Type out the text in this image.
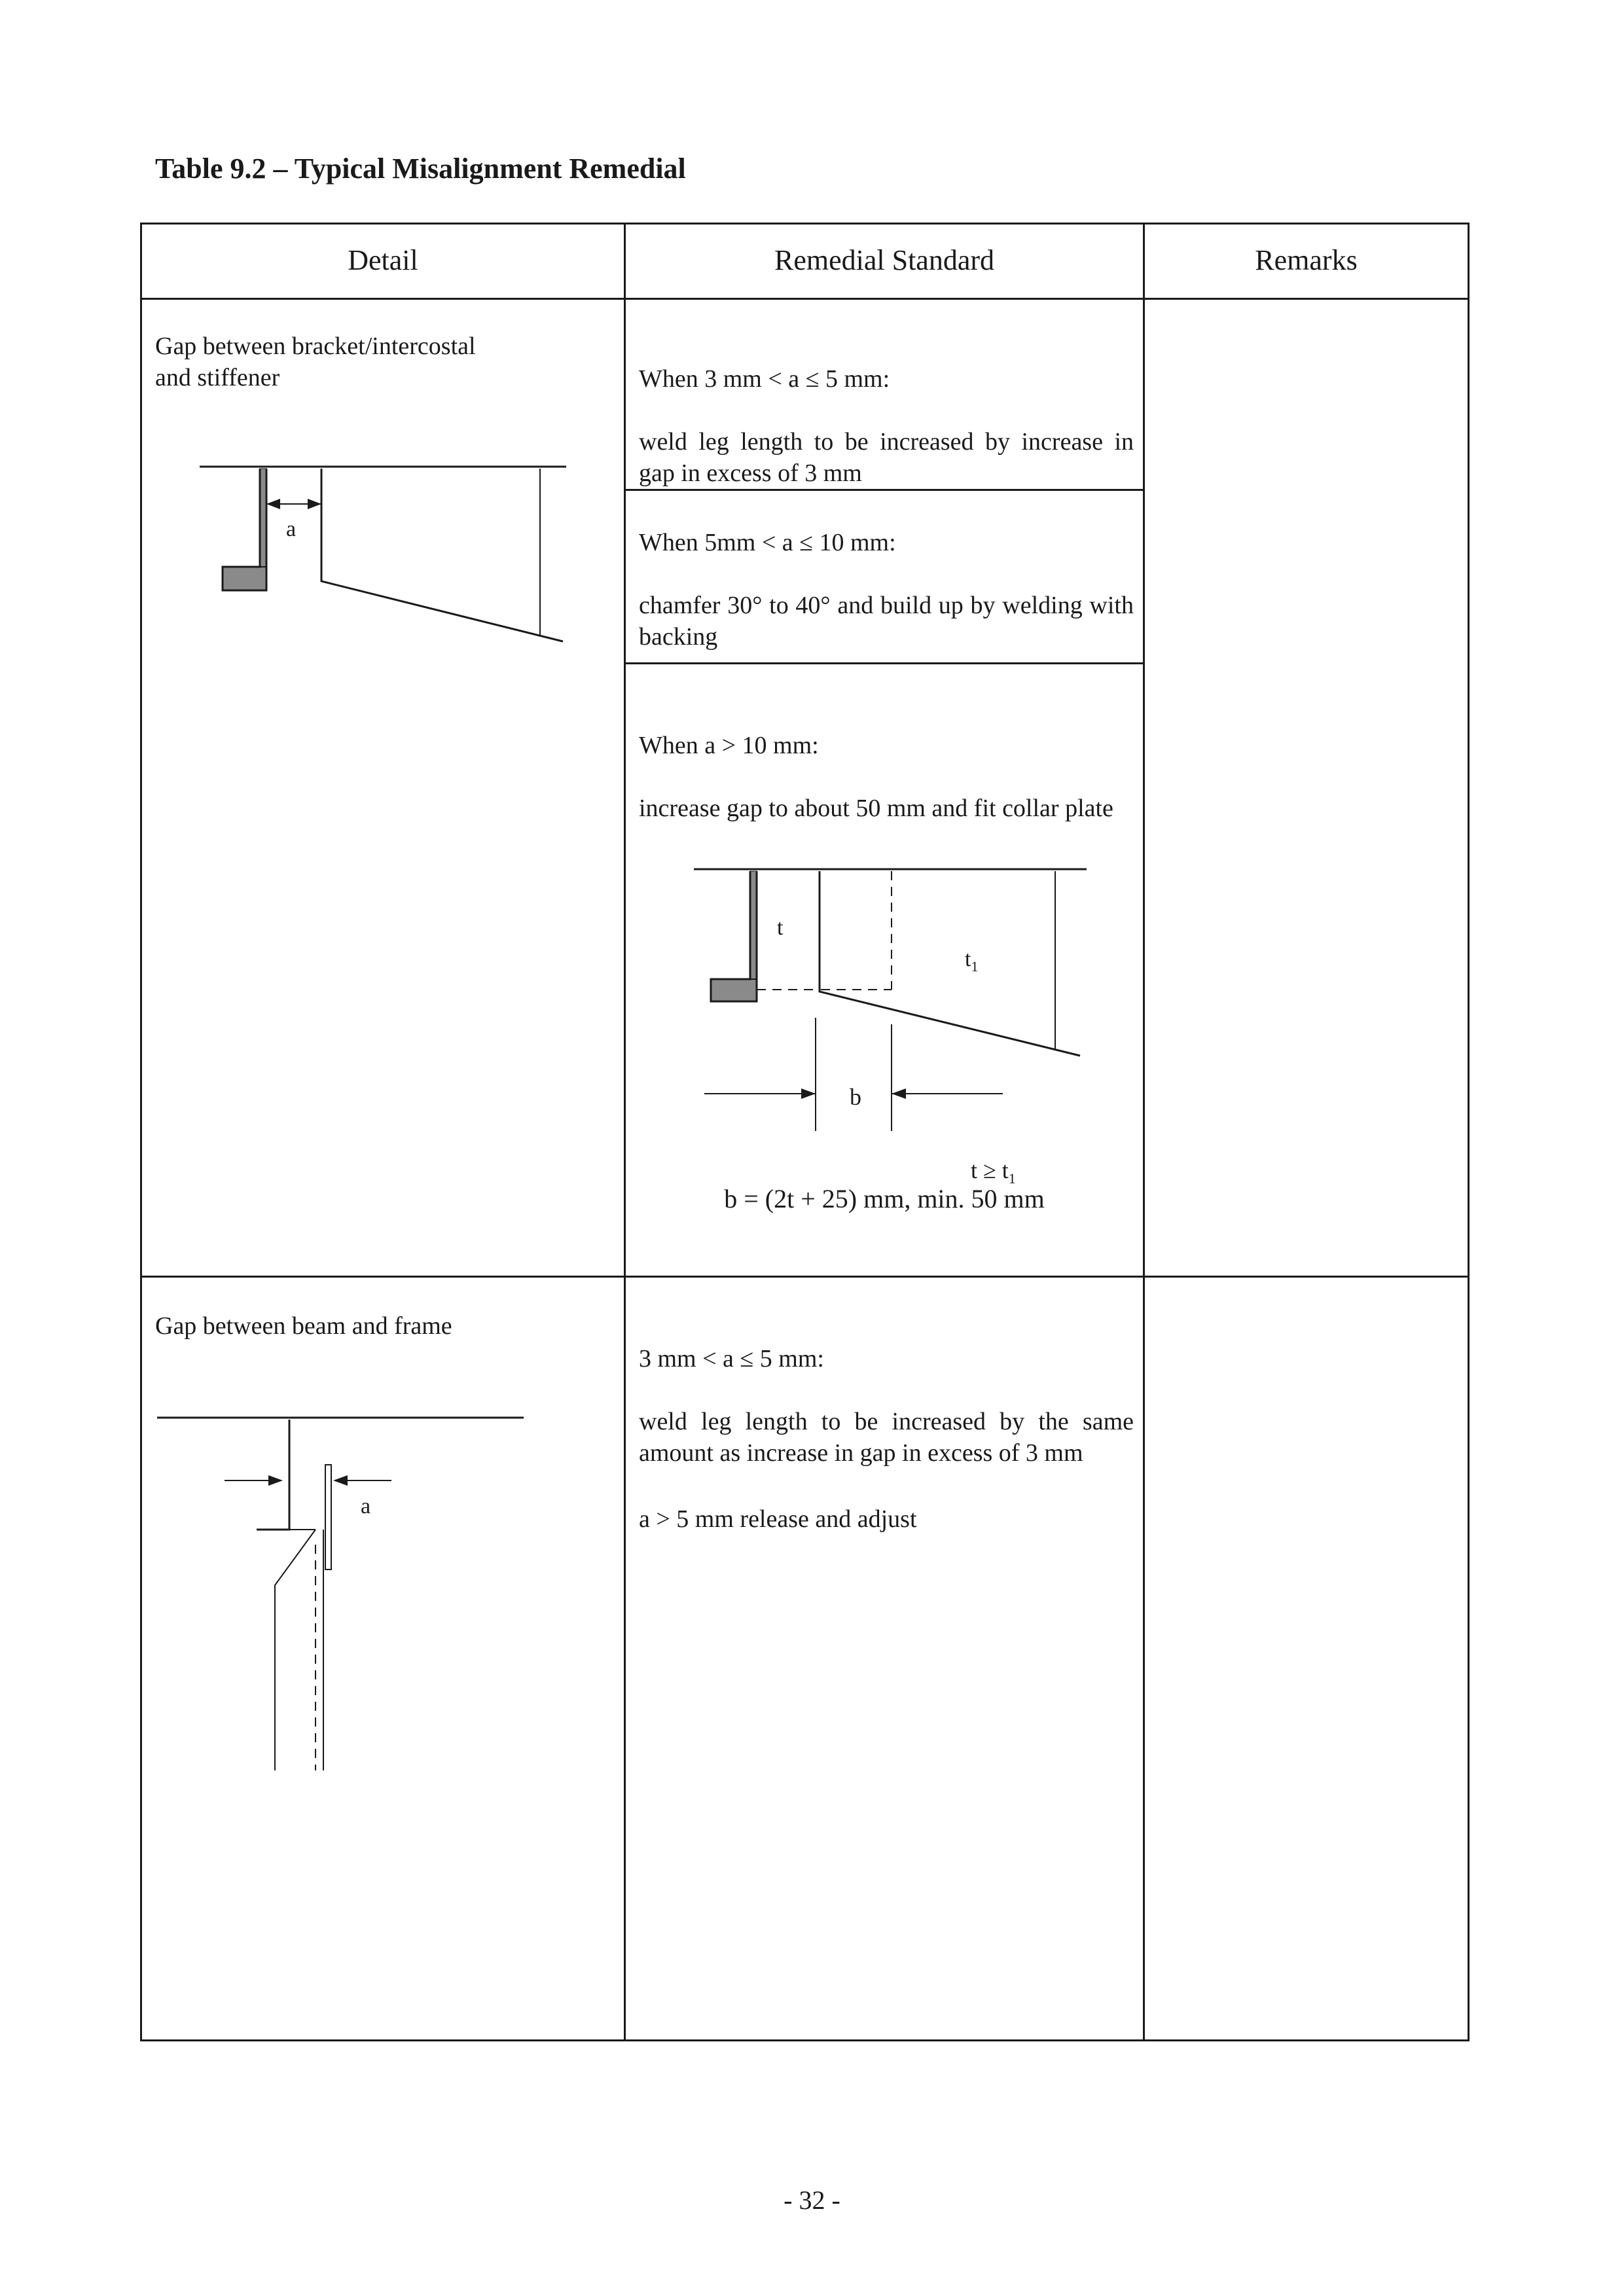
Table 9.2 – Typical Misalignment Remedial
Detail	Remedial Standard	Remarks
Gap between bracket/intercostal
and stiffener
a

When 3 mm < a ≤ 5 mm:

weld leg length to be increased by increase in gap in excess of 3 mm

When 5mm < a ≤ 10 mm:

chamfer 30° to 40° and build up by welding with backing

When a > 10 mm:

increase gap to about 50 mm and fit collar plate

t

$t_1$

b

$t \ge t_1$

b = (2t + 25) mm, min. 50 mm
Gap between beam and frame
a

3 mm < a ≤ 5 mm:

weld leg length to be increased by the same amount as increase in gap in excess of 3 mm

a > 5 mm release and adjust
- 32 -
